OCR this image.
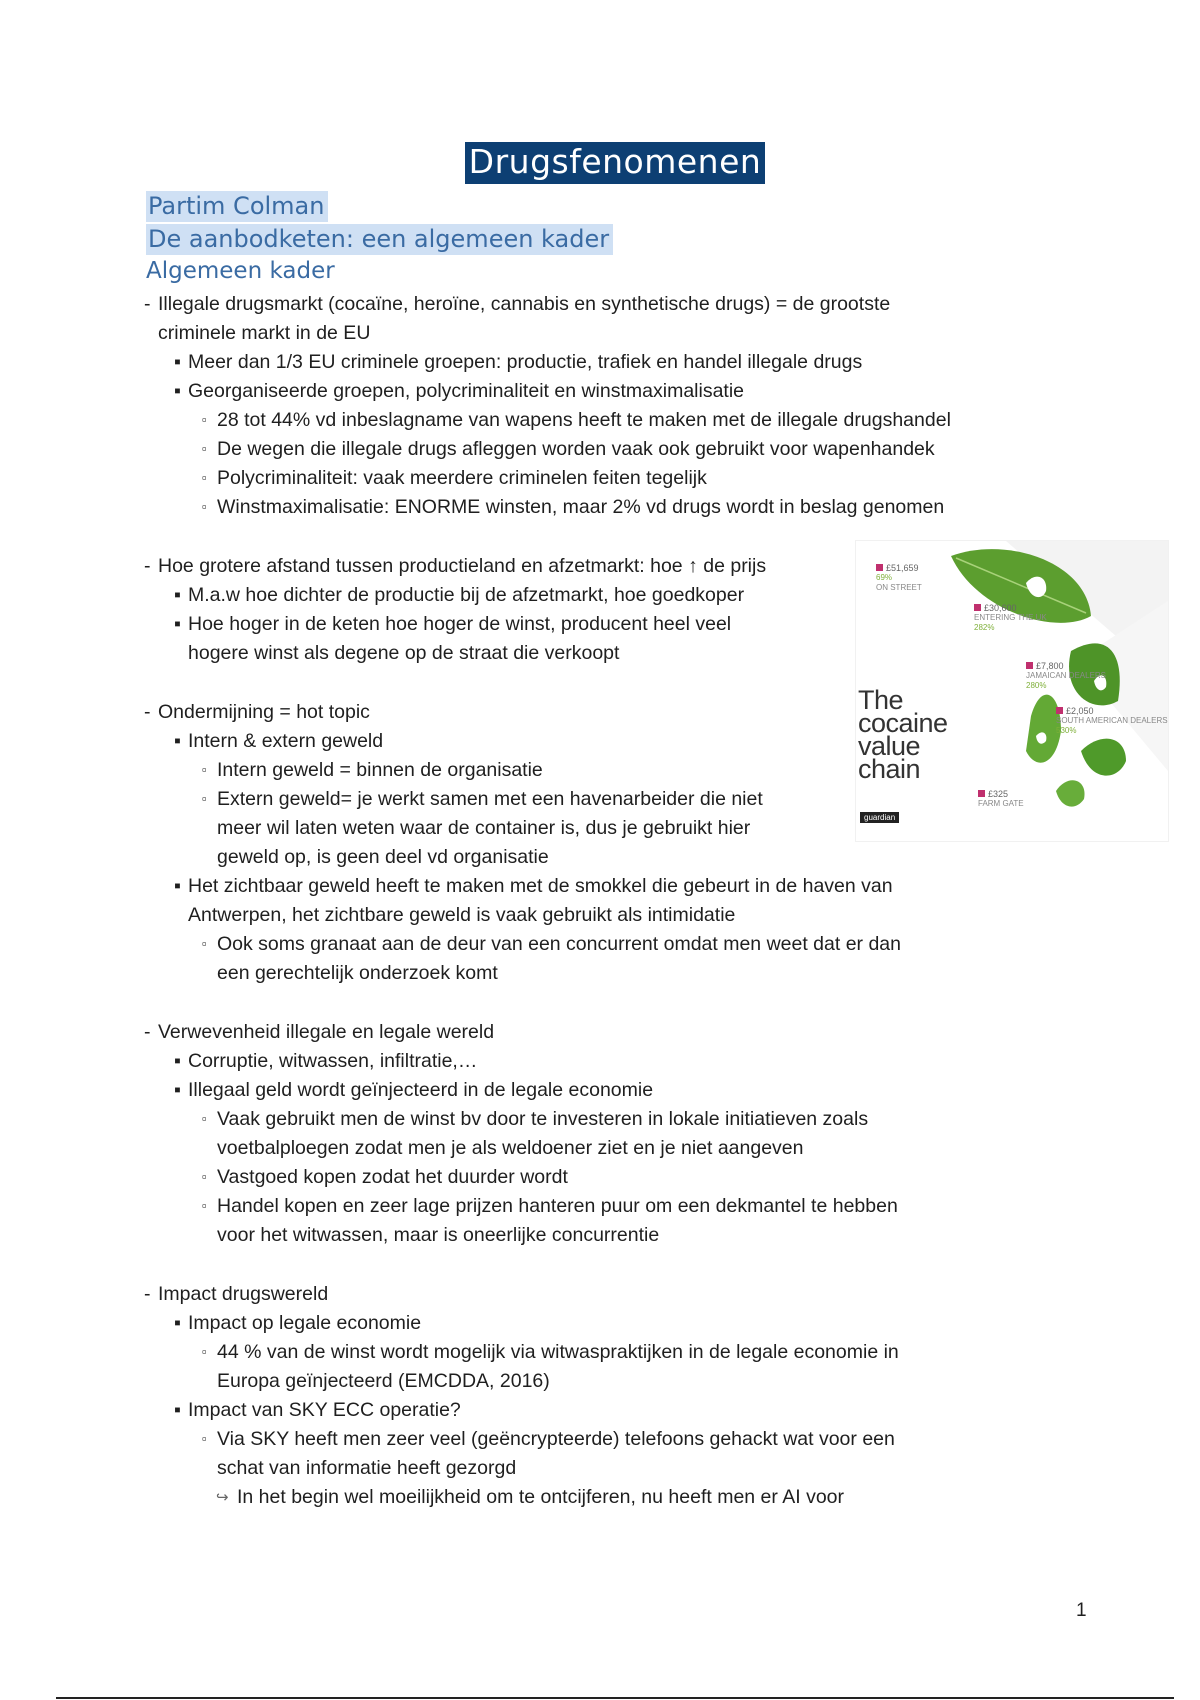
Drugsfenomenen
Partim Colman
De aanbodketen: een algemeen kader
Algemeen kader
- Illegale drugsmarkt (cocaïne, heroïne, cannabis en synthetische drugs) = de grootste
criminele markt in de EU
▪ Meer dan 1/3 EU criminele groepen: productie, trafiek en handel illegale drugs
▪ Georganiseerde groepen, polycriminaliteit en winstmaximalisatie
▫ 28 tot 44% vd inbeslagname van wapens heeft te maken met de illegale drugshandel
▫ De wegen die illegale drugs afleggen worden vaak ook gebruikt voor wapenhandek
▫ Polycriminaliteit: vaak meerdere criminelen feiten tegelijk
▫ Winstmaximalisatie: ENORME winsten, maar 2% vd drugs wordt in beslag genomen
- Hoe grotere afstand tussen productieland en afzetmarkt: hoe ↑ de prijs
▪ M.a.w hoe dichter de productie bij de afzetmarkt, hoe goedkoper
▪ Hoe hoger in de keten hoe hoger de winst, producent heel veel
hogere winst als degene op de straat die verkoopt
- Ondermijning = hot topic
▪ Intern & extern geweld
▫ Intern geweld = binnen de organisatie
▫ Extern geweld= je werkt samen met een havenarbeider die niet
meer wil laten weten waar de container is, dus je gebruikt hier
geweld op, is geen deel vd organisatie
▪ Het zichtbaar geweld heeft te maken met de smokkel die gebeurt in de haven van
Antwerpen, het zichtbare geweld is vaak gebruikt als intimidatie
▫ Ook soms granaat aan de deur van een concurrent omdat men weet dat er dan
een gerechtelijk onderzoek komt
- Verwevenheid illegale en legale wereld
▪ Corruptie, witwassen, infiltratie,…
▪ Illegaal geld wordt geïnjecteerd in de legale economie
▫ Vaak gebruikt men de winst bv door te investeren in lokale initiatieven zoals
voetbalploegen zodat men je als weldoener ziet en je niet aangeven
▫ Vastgoed kopen zodat het duurder wordt
▫ Handel kopen en zeer lage prijzen hanteren puur om een dekmantel te hebben
voor het witwassen, maar is oneerlijke concurrentie
- Impact drugswereld
▪ Impact op legale economie
▫ 44 % van de winst wordt mogelijk via witwaspraktijken in de legale economie in
Europa geïnjecteerd (EMCDDA, 2016)
▪ Impact van SKY ECC operatie?
▫ Via SKY heeft men zeer veel (geëncrypteerde) telefoons gehackt wat voor een
schat van informatie heeft gezorgd
↪ In het begin wel moeilijkheid om te ontcijferen, nu heeft men er AI voor
£51,659
69%
ON STREET
£30,600
ENTERING THE UK
282%
£7,800
JAMAICAN DEALERS
280%
£2,050
SOUTH AMERICAN DEALERS
530%
£325
FARM GATE
The cocaine value chain
guardian
1
